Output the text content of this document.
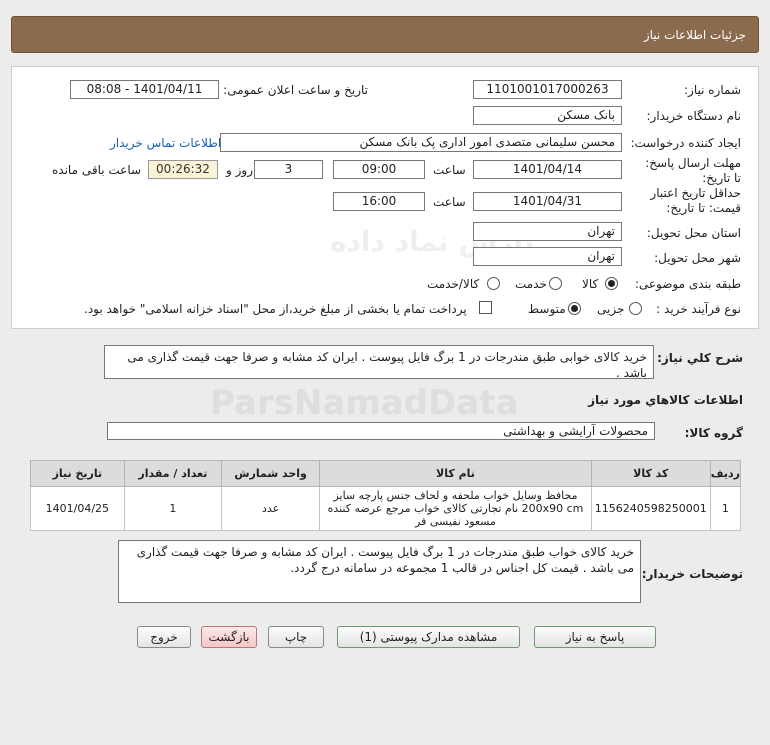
جزئیات اطلاعات نیاز
ParsNamadData
شماره نیاز:
1101001017000263
تاریخ و ساعت اعلان عمومی:
1401/04/11 - 08:08
نام دستگاه خریدار:
بانک مسکن
ایجاد کننده درخواست:
محسن سلیمانی متصدی امور اداری پک بانک مسکن
اطلاعات تماس خریدار
مهلت ارسال پاسخ: تا تاریخ:
1401/04/14
ساعت
09:00
3
روز و
00:26:32
ساعت باقی مانده
حداقل تاریخ اعتبار قیمت: تا تاریخ:
1401/04/31
ساعت
16:00
استان محل تحویل:
تهران
شهر محل تحویل:
تهران
طبقه بندی موضوعی:
کالا
خدمت
کالا/خدمت
نوع فرآیند خرید :
جزیی
متوسط
پرداخت تمام یا بخشی از مبلغ خرید،از محل "اسناد خزانه اسلامی" خواهد بود.
شرح کلي نياز:
خرید کالای خوابی طبق مندرجات در 1 برگ فایل پیوست . ایران کد مشابه و صرفا جهت قیمت گذاری می باشد .
اطلاعات کالاهاي مورد نياز
گروه کالا:
محصولات آرایشی و بهداشتی
ردیف	کد کالا	نام کالا	واحد شمارش	تعداد / مقدار	تاریخ نیاز
1	1156240598250001	محافظ وسایل خواب ملحفه و لحاف جنس پارچه سایز 200x90 cm نام تجارتی کالای خواب مرجع عرضه کننده مسعود نفیسی فر	عدد	1	1401/04/25
توضیحات خریدار:
خرید کالای خواب طبق مندرجات در 1 برگ فایل پیوست . ایران کد مشابه و صرفا جهت قیمت گذاری می باشد . قیمت کل اجناس در قالب 1 مجموعه در سامانه درج گردد.
پاسخ به نیاز
مشاهده مدارک پیوستی (1)
چاپ
بازگشت
خروج
